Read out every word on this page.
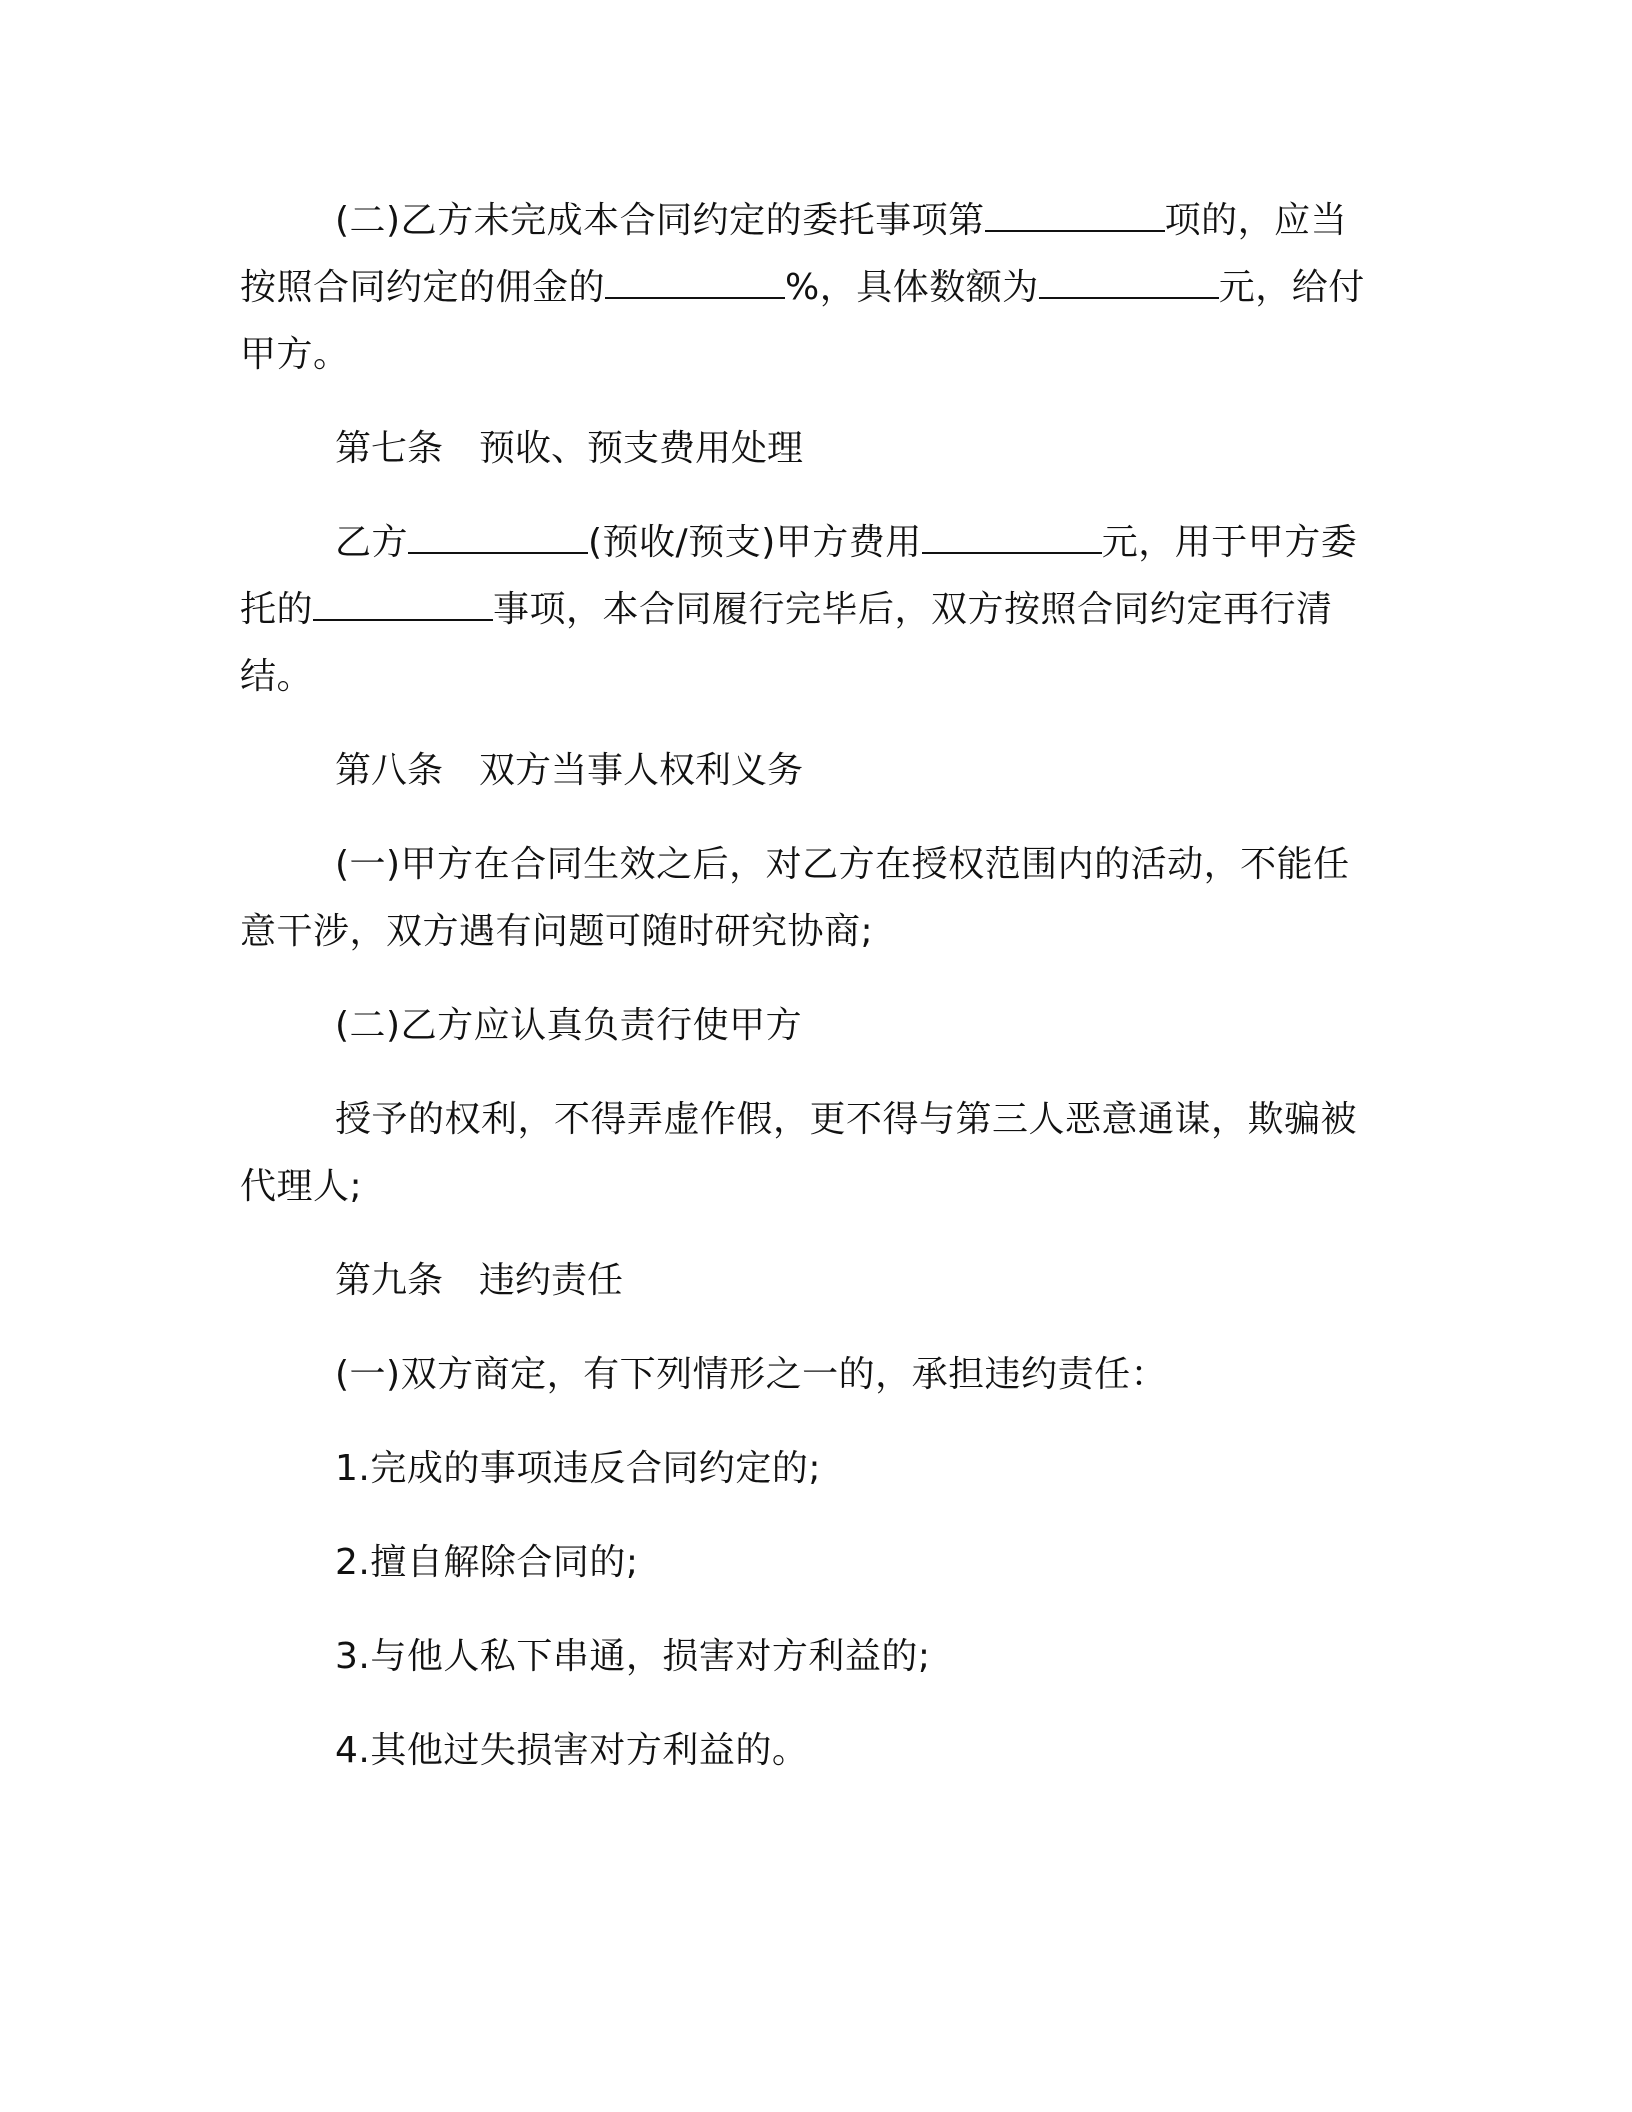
(二)乙方未完成本合同约定的委托事项第	项的，应当按照合同约定的佣金的	%，具体数额为	元，给付甲方。

第七条　预收、预支费用处理

乙方	(预收/预支)甲方费用	元，用于甲方委托的	事项，本合同履行完毕后，双方按照合同约定再行清结。

第八条　双方当事人权利义务

(一)甲方在合同生效之后，对乙方在授权范围内的活动，不能任意干涉，双方遇有问题可随时研究协商;

(二)乙方应认真负责行使甲方

授予的权利，不得弄虚作假，更不得与第三人恶意通谋，欺骗被代理人;

第九条　违约责任

(一)双方商定，有下列情形之一的，承担违约责任：

1.完成的事项违反合同约定的;

2.擅自解除合同的;

3.与他人私下串通，损害对方利益的;

4.其他过失损害对方利益的。
